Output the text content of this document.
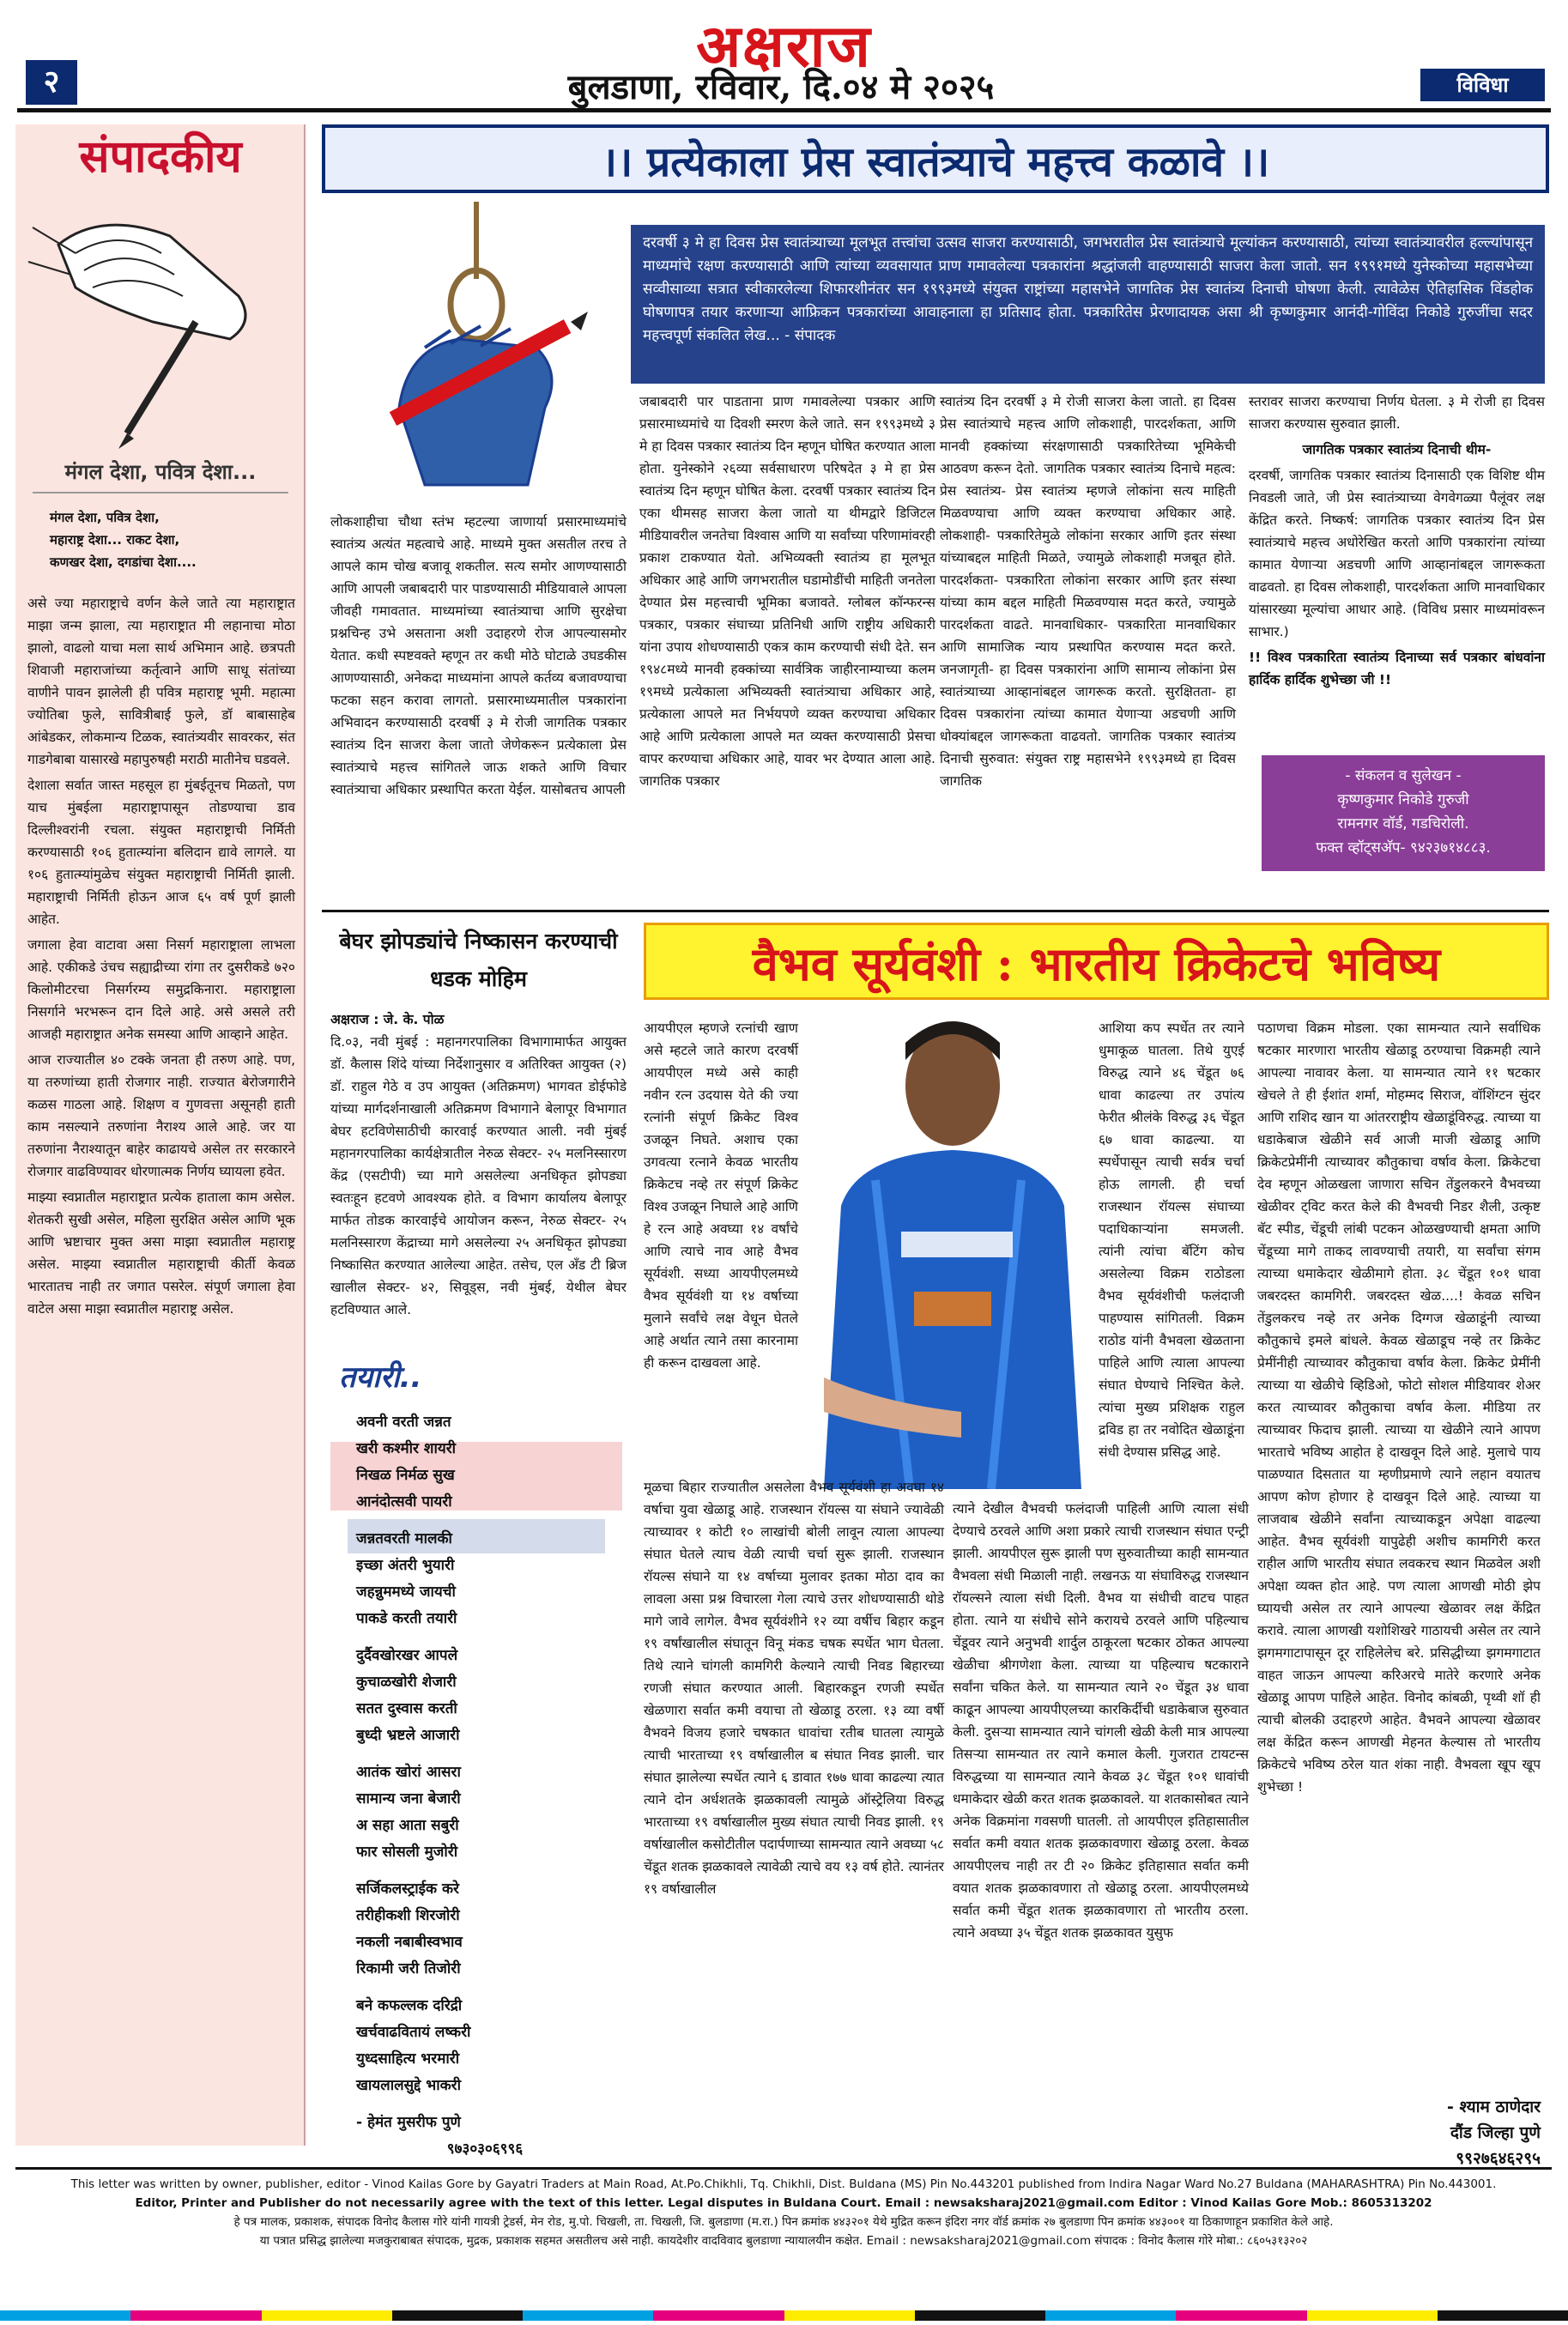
अक्षराज
२	बुलडाणा, रविवार, दि.०४ मे २०२५	विविधा
संपादकीय
मंगल देशा, पवित्र देशा...
मंगल देशा, पवित्र देशा,
महाराष्ट्र देशा... राकट देशा,
कणखर देशा, दगडांचा देशा....

असे ज्या महाराष्ट्राचे वर्णन केले जाते त्या महाराष्ट्रात माझा जन्म झाला, त्या महाराष्ट्रात मी लहानाचा मोठा झालो, वाढलो याचा मला सार्थ अभिमान आहे. छत्रपती शिवाजी महाराजांच्या कर्तृत्वाने आणि साधू संतांच्या वाणीने पावन झालेली ही पवित्र महाराष्ट्र भूमी. महात्मा ज्योतिबा फुले, सावित्रीबाई फुले, डॉ बाबासाहेब आंबेडकर, लोकमान्य टिळक, स्वातंत्र्यवीर सावरकर, संत गाडगेबाबा यासारखे महापुरुषही मराठी मातीनेच घडवले.

देशाला सर्वात जास्त महसूल हा मुंबईतूनच मिळतो, पण याच मुंबईला महाराष्ट्रापासून तोडण्याचा डाव दिल्लीश्वरांनी रचला. संयुक्त महाराष्ट्राची निर्मिती करण्यासाठी १०६ हुतात्म्यांना बलिदान द्यावे लागले. या १०६ हुतात्म्यांमुळेच संयुक्त महाराष्ट्राची निर्मिती झाली. महाराष्ट्राची निर्मिती होऊन आज ६५ वर्ष पूर्ण झाली आहेत.

जगाला हेवा वाटावा असा निसर्ग महाराष्ट्राला लाभला आहे. एकीकडे उंचच सह्याद्रीच्या रांगा तर दुसरीकडे ७२० किलोमीटरचा निसर्गरम्य समुद्रकिनारा. महाराष्ट्राला निसर्गाने भरभरून दान दिले आहे. असे असले तरी आजही महाराष्ट्रात अनेक समस्या आणि आव्हाने आहेत.

आज राज्यातील ४० टक्के जनता ही तरुण आहे. पण, या तरुणांच्या हाती रोजगार नाही. राज्यात बेरोजगारीने कळस गाठला आहे. शिक्षण व गुणवत्ता असूनही हाती काम नसल्याने तरुणांना नैराश्य आले आहे. जर या तरुणांना नैराश्यातून बाहेर काढायचे असेल तर सरकारने रोजगार वाढविण्यावर धोरणात्मक निर्णय घ्यायला हवेत.

माझ्या स्वप्नातील महाराष्ट्रात प्रत्येक हाताला काम असेल. शेतकरी सुखी असेल, महिला सुरक्षित असेल आणि भूक आणि भ्रष्टाचार मुक्त असा माझा स्वप्नातील महाराष्ट्र असेल. माझ्या स्वप्नातील महाराष्ट्राची कीर्ती केवळ भारतातच नाही तर जगात पसरेल. संपूर्ण जगाला हेवा वाटेल असा माझा स्वप्नातील महाराष्ट्र असेल.

।। प्रत्येकाला प्रेस स्वातंत्र्याचे महत्त्व कळावे ।।
दरवर्षी ३ मे हा दिवस प्रेस स्वातंत्र्याच्या मूलभूत तत्त्वांचा उत्सव साजरा करण्यासाठी, जगभरातील प्रेस स्वातंत्र्याचे मूल्यांकन करण्यासाठी, त्यांच्या स्वातंत्र्यावरील हल्ल्यांपासून माध्यमांचे रक्षण करण्यासाठी आणि त्यांच्या व्यवसायात प्राण गमावलेल्या पत्रकारांना श्रद्धांजली वाहण्यासाठी साजरा केला जातो. सन १९९१मध्ये युनेस्कोच्या महासभेच्या सव्वीसाव्या सत्रात स्वीकारलेल्या शिफारशीनंतर सन १९९३मध्ये संयुक्त राष्ट्रांच्या महासभेने जागतिक प्रेस स्वातंत्र्य दिनाची घोषणा केली. त्यावेळेस ऐतिहासिक विंडहोक घोषणापत्र तयार करणाऱ्या आफ्रिकन पत्रकारांच्या आवाहनाला हा प्रतिसाद होता. पत्रकारितेस प्रेरणादायक असा श्री कृष्णकुमार आनंदी-गोविंदा निकोडे गुरुजींचा सदर महत्त्वपूर्ण संकलित लेख... - संपादक

लोकशाहीचा चौथा स्तंभ म्हटल्या जाणार्या प्रसारमाध्यमांचे स्वातंत्र्य अत्यंत महत्वाचे आहे. माध्यमे मुक्त असतील तरच ते आपले काम चोख बजावू शकतील. सत्य समोर आणण्यासाठी आणि आपली जबाबदारी पार पाडण्यासाठी मीडियावाले आपला जीवही गमावतात. माध्यमांच्या स्वातंत्र्याचा आणि सुरक्षेचा प्रश्नचिन्ह उभे असताना अशी उदाहरणे रोज आपल्यासमोर येतात. कधी स्पष्टवक्ते म्हणून तर कधी मोठे घोटाळे उघडकीस आणण्यासाठी, अनेकदा माध्यमांना आपले कर्तव्य बजावण्याचा फटका सहन करावा लागतो. प्रसारमाध्यमातील पत्रकारांना अभिवादन करण्यासाठी दरवर्षी ३ मे रोजी जागतिक पत्रकार स्वातंत्र्य दिन साजरा केला जातो जेणेकरून प्रत्येकाला प्रेस स्वातंत्र्याचे महत्त्व सांगितले जाऊ शकते आणि विचार स्वातंत्र्याचा अधिकार प्रस्थापित करता येईल. यासोबतच आपली

जबाबदारी पार पाडताना प्राण गमावलेल्या पत्रकार आणि प्रसारमाध्यमांचे या दिवशी स्मरण केले जाते. सन १९९३मध्ये ३ मे हा दिवस पत्रकार स्वातंत्र्य दिन म्हणून घोषित करण्यात आला होता. युनेस्कोने २६व्या सर्वसाधारण परिषदेत ३ मे हा प्रेस स्वातंत्र्य दिन म्हणून घोषित केला. दरवर्षी पत्रकार स्वातंत्र्य दिन एका थीमसह साजरा केला जातो या थीमद्वारे डिजिटल मीडियावरील जनतेचा विश्वास आणि या सर्वांच्या परिणामांवरही प्रकाश टाकण्यात येतो. अभिव्यक्ती स्वातंत्र्य हा मूलभूत अधिकार आहे आणि जगभरातील घडामोडींची माहिती जनतेला देण्यात प्रेस महत्त्वाची भूमिका बजावते. ग्लोबल कॉन्फरन्स पत्रकार, पत्रकार संघाच्या प्रतिनिधी आणि राष्ट्रीय अधिकारी यांना उपाय शोधण्यासाठी एकत्र काम करण्याची संधी देते. सन १९४८मध्ये मानवी हक्कांच्या सार्वत्रिक जाहीरनाम्याच्या कलम १९मध्ये प्रत्येकाला अभिव्यक्ती स्वातंत्र्याचा अधिकार आहे, प्रत्येकाला आपले मत निर्भयपणे व्यक्त करण्याचा अधिकार आहे आणि प्रत्येकाला आपले मत व्यक्त करण्यासाठी प्रेसचा वापर करण्याचा अधिकार आहे, यावर भर देण्यात आला आहे. जागतिक पत्रकार

स्वातंत्र्य दिन दरवर्षी ३ मे रोजी साजरा केला जातो. हा दिवस प्रेस स्वातंत्र्याचे महत्त्व आणि लोकशाही, पारदर्शकता, आणि मानवी हक्कांच्या संरक्षणासाठी पत्रकारितेच्या भूमिकेची आठवण करून देतो. जागतिक पत्रकार स्वातंत्र्य दिनाचे महत्व: प्रेस स्वातंत्र्य- प्रेस स्वातंत्र्य म्हणजे लोकांना सत्य माहिती मिळवण्याचा आणि व्यक्त करण्याचा अधिकार आहे. लोकशाही- पत्रकारितेमुळे लोकांना सरकार आणि इतर संस्था यांच्याबद्दल माहिती मिळते, ज्यामुळे लोकशाही मजबूत होते. पारदर्शकता- पत्रकारिता लोकांना सरकार आणि इतर संस्था यांच्या काम बद्दल माहिती मिळवण्यास मदत करते, ज्यामुळे पारदर्शकता वाढते. मानवाधिकार- पत्रकारिता मानवाधिकार आणि सामाजिक न्याय प्रस्थापित करण्यास मदत करते. जनजागृती- हा दिवस पत्रकारांना आणि सामान्य लोकांना प्रेस स्वातंत्र्याच्या आव्हानांबद्दल जागरूक करतो. सुरक्षितता- हा दिवस पत्रकारांना त्यांच्या कामात येणाऱ्या अडचणी आणि धोक्यांबद्दल जागरूकता वाढवतो. जागतिक पत्रकार स्वातंत्र्य दिनाची सुरुवात: संयुक्त राष्ट्र महासभेने १९९३मध्ये हा दिवस जागतिक

स्तरावर साजरा करण्याचा निर्णय घेतला. ३ मे रोजी हा दिवस साजरा करण्यास सुरुवात झाली.

जागतिक पत्रकार स्वातंत्र्य दिनाची थीम-

दरवर्षी, जागतिक पत्रकार स्वातंत्र्य दिनासाठी एक विशिष्ट थीम निवडली जाते, जी प्रेस स्वातंत्र्याच्या वेगवेगळ्या पैलूंवर लक्ष केंद्रित करते. निष्कर्ष: जागतिक पत्रकार स्वातंत्र्य दिन प्रेस स्वातंत्र्याचे महत्त्व अधोरेखित करतो आणि पत्रकारांना त्यांच्या कामात येणाऱ्या अडचणी आणि आव्हानांबद्दल जागरूकता वाढवतो. हा दिवस लोकशाही, पारदर्शकता आणि मानवाधिकार यांसारख्या मूल्यांचा आधार आहे. (विविध प्रसार माध्यमांवरून साभार.)

!! विश्व पत्रकारिता स्वातंत्र्य दिनाच्या सर्व पत्रकार बांधवांना हार्दिक हार्दिक शुभेच्छा जी !!

- संकलन व सुलेखन -
कृष्णकुमार निकोडे गुरुजी
रामनगर वॉर्ड, गडचिरोली.
फक्त व्हॉट्सअ‍ॅप- ९४२३७१४८८३.
बेघर झोपड्यांचे निष्कासन करण्याची धडक मोहिम

अक्षराज : जे. के. पोळ

दि.०३, नवी मुंबई : महानगरपालिका विभागामार्फत आयुक्त डॉ. कैलास शिंदे यांच्या निर्देशानुसार व अतिरिक्त आयुक्त (२) डॉ. राहुल गेठे व उप आयुक्त (अतिक्रमण) भागवत डोईफोडे यांच्या मार्गदर्शनाखाली अतिक्रमण विभागाने बेलापूर विभागात बेघर हटविणेसाठीची कारवाई करण्यात आली. नवी मुंबई महानगरपालिका कार्यक्षेत्रातील नेरुळ सेक्टर- २५ मलनिस्सारण केंद्र (एसटीपी) च्या मागे असलेल्या अनधिकृत झोपड्या स्वतःहून हटवणे आवश्यक होते. व विभाग कार्यालय बेलापूर मार्फत तोडक कारवाईचे आयोजन करून, नेरुळ सेक्टर- २५ मलनिस्सारण केंद्राच्या मागे असलेल्या २५ अनधिकृत झोपड्या निष्कासित करण्यात आलेल्या आहेत. तसेच, एल अँड टी ब्रिज खालील सेक्टर- ४२, सिवूड्स, नवी मुंबई, येथील बेघर हटविण्यात आले.

तयारी..
अवनी वरती जन्नत
खरी कश्मीर शायरी
निखळ निर्मळ सुख
आनंदोत्सवी पायरी
जन्नतवरती मालकी
इच्छा अंतरी भुयारी
जहन्नुममध्ये जायची
पाकडे करती तयारी
दुर्दैवखोरखर आपले
कुचाळखोरी शेजारी
सतत दुस्वास करती
बुध्दी भ्रष्टले आजारी
आतंक खोरां आसरा
सामान्य जना बेजारी
अ सहा आता सबुरी
फार सोसली मुजोरी
सर्जिकलस्ट्राईक करे
तरीहीकशी शिरजोरी
नकली नबाबीस्वभाव
रिकामी जरी तिजोरी
बने कफल्लक दरिद्री
खर्चवाढवितायं लष्करी
युध्दसाहित्य भरमारी
खायलालसुद्दे भाकरी
- हेमंत मुसरीफ पुणे
९७३०३०६९९६
वैभव सूर्यवंशी : भारतीय क्रिकेटचे भविष्य

आयपीएल म्हणजे रत्नांची खाण असे म्हटले जाते कारण दरवर्षी आयपीएल मध्ये असे काही नवीन रत्न उदयास येते की ज्या रत्नांनी संपूर्ण क्रिकेट विश्व उजळून निघते. अशाच एका उगवत्या रत्नाने केवळ भारतीय क्रिकेटच नव्हे तर संपूर्ण क्रिकेट विश्व उजळून निघाले आहे आणि हे रत्न आहे अवघ्या १४ वर्षांचे आणि त्याचे नाव आहे वैभव सूर्यवंशी. सध्या आयपीएलमध्ये वैभव सूर्यवंशी या १४ वर्षाच्या मुलाने सर्वांचे लक्ष वेधून घेतले आहे अर्थात त्याने तसा कारनामा ही करून दाखवला आहे.

मूळचा बिहार राज्यातील असलेला वैभव सूर्यवंशी हा अवघा १४ वर्षाचा युवा खेळाडू आहे. राजस्थान रॉयल्स या संघाने ज्यावेळी त्याच्यावर १ कोटी १० लाखांची बोली लावून त्याला आपल्या संघात घेतले त्याच वेळी त्याची चर्चा सुरू झाली. राजस्थान रॉयल्स संघाने या १४ वर्षाच्या मुलावर इतका मोठा दाव का लावला असा प्रश्न विचारला गेला त्याचे उत्तर शोधण्यासाठी थोडे मागे जावे लागेल. वैभव सूर्यवंशीने १२ व्या वर्षीच बिहार कडून १९ वर्षांखालील संघातून विनू मंकड चषक स्पर्धेत भाग घेतला. तिथे त्याने चांगली कामगिरी केल्याने त्याची निवड बिहारच्या रणजी संघात करण्यात आली. बिहारकडून रणजी स्पर्धेत खेळणारा सर्वात कमी वयाचा तो खेळाडू ठरला. १३ व्या वर्षी वैभवने विजय हजारे चषकात धावांचा रतीब घातला त्यामुळे त्याची भारताच्या १९ वर्षाखालील ब संघात निवड झाली. चार संघात झालेल्या स्पर्धेत त्याने ६ डावात १७७ धावा काढल्या त्यात त्याने दोन अर्धशतके झळकावली त्यामुळे ऑस्ट्रेलिया विरुद्ध भारताच्या १९ वर्षाखालील मुख्य संघात त्याची निवड झाली. १९ वर्षाखालील कसोटीतील पदार्पणाच्या सामन्यात त्याने अवघ्या ५८ चेंडूत शतक झळकावले त्यावेळी त्याचे वय १३ वर्ष होते. त्यानंतर १९ वर्षाखालील

आशिया कप स्पर्धेत तर त्याने धुमाकूळ घातला. तिथे युएई विरुद्ध त्याने ४६ चेंडूत ७६ धावा काढल्या तर उपांत्य फेरीत श्रीलंके विरुद्ध ३६ चेंडूत ६७ धावा काढल्या. या स्पर्धेपासून त्याची सर्वत्र चर्चा होऊ लागली. ही चर्चा राजस्थान रॉयल्स संघाच्या पदाधिकाऱ्यांना समजली. त्यांनी त्यांचा बॅटिंग कोच असलेल्या विक्रम राठोडला वैभव सूर्यवंशीची फलंदाजी पाहण्यास सांगितली. विक्रम राठोड यांनी वैभवला खेळताना पाहिले आणि त्याला आपल्या संघात घेण्याचे निश्चित केले. त्यांचा मुख्य प्रशिक्षक राहुल द्रविड हा तर नवोदित खेळाडूंना संधी देण्यास प्रसिद्ध आहे.

त्याने देखील वैभवची फलंदाजी पाहिली आणि त्याला संधी देण्याचे ठरवले आणि अशा प्रकारे त्याची राजस्थान संघात एन्ट्री झाली. आयपीएल सुरू झाली पण सुरुवातीच्या काही सामन्यात वैभवला संधी मिळाली नाही. लखनऊ या संघाविरुद्ध राजस्थान रॉयल्सने त्याला संधी दिली. वैभव या संधीची वाटच पाहत होता. त्याने या संधीचे सोने करायचे ठरवले आणि पहिल्याच चेंडूवर त्याने अनुभवी शार्दुल ठाकूरला षटकार ठोकत आपल्या खेळीचा श्रीगणेशा केला. त्याच्या या पहिल्याच षटकाराने सर्वांना चकित केले. या सामन्यात त्याने २० चेंडूत ३४ धावा काढून आपल्या आयपीएलच्या कारकिर्दीची धडाकेबाज सुरुवात केली. दुसऱ्या सामन्यात त्याने चांगली खेळी केली मात्र आपल्या तिसऱ्या सामन्यात तर त्याने कमाल केली. गुजरात टायटन्स विरुद्धच्या या सामन्यात त्याने केवळ ३८ चेंडूत १०१ धावांची धमाकेदार खेळी करत शतक झळकावले. या शतकासोबत त्याने अनेक विक्रमांना गवसणी घातली. तो आयपीएल इतिहासातील सर्वात कमी वयात शतक झळकावणारा खेळाडू ठरला. केवळ आयपीएलच नाही तर टी २० क्रिकेट इतिहासात सर्वात कमी वयात शतक झळकावणारा तो खेळाडू ठरला. आयपीएलमध्ये सर्वात कमी चेंडूत शतक झळकावणारा तो भारतीय ठरला. त्याने अवघ्या ३५ चेंडूत शतक झळकावत युसुफ

पठाणचा विक्रम मोडला. एका सामन्यात त्याने सर्वाधिक षटकार मारणारा भारतीय खेळाडू ठरण्याचा विक्रमही त्याने आपल्या नावावर केला. या सामन्यात त्याने ११ षटकार खेचले ते ही ईशांत शर्मा, मोहम्मद सिराज, वॉशिंग्टन सुंदर आणि राशिद खान या आंतरराष्ट्रीय खेळाडूंविरुद्ध. त्याच्या या धडाकेबाज खेळीने सर्व आजी माजी खेळाडू आणि क्रिकेटप्रेमींनी त्याच्यावर कौतुकाचा वर्षाव केला. क्रिकेटचा देव म्हणून ओळखला जाणारा सचिन तेंडुलकरने वैभवच्या खेळीवर ट्विट करत केले की वैभवची निडर शैली, उत्कृष्ट बॅट स्पीड, चेंडूची लांबी पटकन ओळखण्याची क्षमता आणि चेंडूच्या मागे ताकद लावण्याची तयारी, या सर्वांचा संगम त्याच्या धमाकेदार खेळीमागे होता. ३८ चेंडूत १०१ धावा जबरदस्त कामगिरी. जबरदस्त खेळ....! केवळ सचिन तेंडुलकरच नव्हे तर अनेक दिग्गज खेळाडूंनी त्याच्या कौतुकाचे इमले बांधले. केवळ खेळाडूच नव्हे तर क्रिकेट प्रेमींनीही त्याच्यावर कौतुकाचा वर्षाव केला. क्रिकेट प्रेमींनी त्याच्या या खेळीचे व्हिडिओ, फोटो सोशल मीडियावर शेअर करत त्याच्यावर कौतुकाचा वर्षाव केला. मीडिया तर त्याच्यावर फिदाच झाली. त्याच्या या खेळीने त्याने आपण भारताचे भविष्य आहोत हे दाखवून दिले आहे. मुलाचे पाय पाळण्यात दिसतात या म्हणीप्रमाणे त्याने लहान वयातच आपण कोण होणार हे दाखवून दिले आहे. त्याच्या या लाजवाब खेळीने सर्वांना त्याच्याकडून अपेक्षा वाढल्या आहेत. वैभव सूर्यवंशी यापुढेही अशीच कामगिरी करत राहील आणि भारतीय संघात लवकरच स्थान मिळवेल अशी अपेक्षा व्यक्त होत आहे. पण त्याला आणखी मोठी झेप घ्यायची असेल तर त्याने आपल्या खेळावर लक्ष केंद्रित करावे. त्याला आणखी यशोशिखरे गाठायची असेल तर त्याने झगमगाटापासून दूर राहिलेलेच बरे. प्रसिद्धीच्या झगमगाटात वाहत जाऊन आपल्या करिअरचे मातेरे करणारे अनेक खेळाडू आपण पाहिले आहेत. विनोद कांबळी, पृथ्वी शॉ ही त्याची बोलकी उदाहरणे आहेत. वैभवने आपल्या खेळावर लक्ष केंद्रित करून आणखी मेहनत केल्यास तो भारतीय क्रिकेटचे भविष्य ठरेल यात शंका नाही. वैभवला खूप खूप शुभेच्छा !

- श्याम ठाणेदार
दौंड जिल्हा पुणे
९९२७६४६२९५
This letter was written by owner, publisher, editor - Vinod Kailas Gore by Gayatri Traders at Main Road, At.Po.Chikhli, Tq. Chikhli, Dist. Buldana (MS) Pin No.443201 published from Indira Nagar Ward No.27 Buldana (MAHARASHTRA) Pin No.443001.
Editor, Printer and Publisher do not necessarily agree with the text of this letter. Legal disputes in Buldana Court. Email : newsaksharaj2021@gmail.com Editor : Vinod Kailas Gore Mob.: 8605313202
हे पत्र मालक, प्रकाशक, संपादक विनोद कैलास गोरे यांनी गायत्री ट्रेडर्स, मेन रोड, मु.पो. चिखली, ता. चिखली, जि. बुलडाणा (म.रा.) पिन क्रमांक ४४३२०१ येथे मुद्रित करून इंदिरा नगर वॉर्ड क्रमांक २७ बुलडाणा पिन क्रमांक ४४३००१ या ठिकाणाहून प्रकाशित केले आहे.
या पत्रात प्रसिद्ध झालेल्या मजकुराबाबत संपादक, मुद्रक, प्रकाशक सहमत असतीलच असे नाही. कायदेशीर वादविवाद बुलडाणा न्यायालयीन कक्षेत. Email : newsaksharaj2021@gmail.com संपादक : विनोद कैलास गोरे मोबा.: ८६०५३१३२०२
